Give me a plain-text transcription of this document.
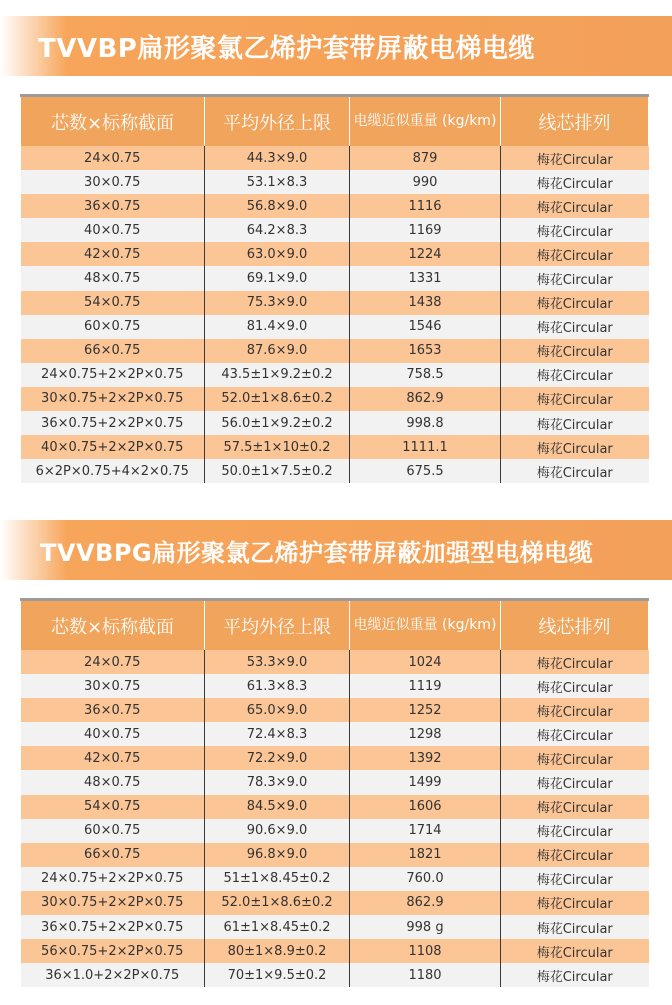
TVVBP扁形聚氯乙烯护套带屏蔽电梯电缆
芯数×标称截面	平均外径上限	电缆近似重量 (kg/km)	线芯排列
24×0.75	44.3×9.0	879	梅花Circular
30×0.75	53.1×8.3	990	梅花Circular
36×0.75	56.8×9.0	1116	梅花Circular
40×0.75	64.2×8.3	1169	梅花Circular
42×0.75	63.0×9.0	1224	梅花Circular
48×0.75	69.1×9.0	1331	梅花Circular
54×0.75	75.3×9.0	1438	梅花Circular
60×0.75	81.4×9.0	1546	梅花Circular
66×0.75	87.6×9.0	1653	梅花Circular
24×0.75+2×2P×0.75	43.5±1×9.2±0.2	758.5	梅花Circular
30×0.75+2×2P×0.75	52.0±1×8.6±0.2	862.9	梅花Circular
36×0.75+2×2P×0.75	56.0±1×9.2±0.2	998.8	梅花Circular
40×0.75+2×2P×0.75	57.5±1×10±0.2	1111.1	梅花Circular
6×2P×0.75+4×2×0.75	50.0±1×7.5±0.2	675.5	梅花Circular
TVVBPG扁形聚氯乙烯护套带屏蔽加强型电梯电缆
芯数×标称截面	平均外径上限	电缆近似重量 (kg/km)	线芯排列
24×0.75	53.3×9.0	1024	梅花Circular
30×0.75	61.3×8.3	1119	梅花Circular
36×0.75	65.0×9.0	1252	梅花Circular
40×0.75	72.4×8.3	1298	梅花Circular
42×0.75	72.2×9.0	1392	梅花Circular
48×0.75	78.3×9.0	1499	梅花Circular
54×0.75	84.5×9.0	1606	梅花Circular
60×0.75	90.6×9.0	1714	梅花Circular
66×0.75	96.8×9.0	1821	梅花Circular
24×0.75+2×2P×0.75	51±1×8.45±0.2	760.0	梅花Circular
30×0.75+2×2P×0.75	52.0±1×8.6±0.2	862.9	梅花Circular
36×0.75+2×2P×0.75	61±1×8.45±0.2	998 g	梅花Circular
56×0.75+2×2P×0.75	80±1×8.9±0.2	1108	梅花Circular
36×1.0+2×2P×0.75	70±1×9.5±0.2	1180	梅花Circular
